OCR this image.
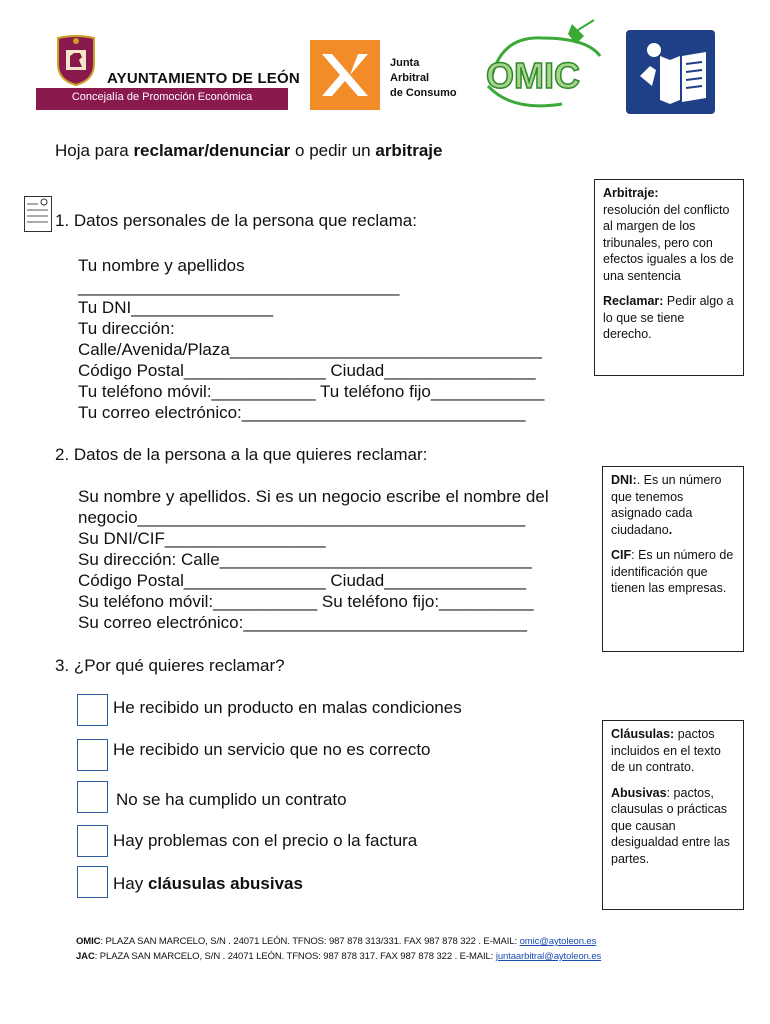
AYUNTAMIENTO DE LEÓN
Concejalía de Promoción Económica
Junta
Arbitral
de Consumo OMIC
Hoja para reclamar/denunciar o pedir un arbitraje
1. Datos personales de la persona que reclama:
Tu nombre y apellidos
__________________________________
Tu DNI_______________
Tu dirección:
Calle/Avenida/Plaza_________________________________
Código Postal_______________ Ciudad________________
Tu teléfono móvil:___________ Tu teléfono fijo____________
Tu correo electrónico:______________________________
2. Datos de la persona a la que quieres reclamar:
Su nombre y apellidos. Si es un negocio escribe el nombre del
negocio_________________________________________
Su DNI/CIF_________________
Su dirección: Calle_________________________________
Código Postal_______________ Ciudad_______________
Su teléfono móvil:___________ Su teléfono fijo:__________
Su correo electrónico:______________________________
3. ¿Por qué quieres reclamar?
He recibido un producto en malas condiciones
He recibido un servicio que no es correcto
No se ha cumplido un contrato
Hay problemas con el precio o la factura
Hay cláusulas abusivas

Arbitraje:
resolución del conflicto al margen de los tribunales, pero con efectos iguales a los de una sentencia

Reclamar: Pedir algo a lo que se tiene derecho.

DNI:. Es un número que tenemos asignado cada ciudadano.

CIF: Es un número de identificación que tienen las empresas.

Cláusulas: pactos incluidos en el texto de un contrato.

Abusivas: pactos, clausulas o prácticas que causan desigualdad entre las partes.

OMIC: PLAZA SAN MARCELO, S/N . 24071 LEÓN. TFNOS: 987 878 313/331. FAX 987 878 322 . E-MAIL: omic@aytoleon.es
JAC: PLAZA SAN MARCELO, S/N . 24071 LEÓN. TFNOS: 987 878 317. FAX 987 878 322 . E-MAIL: juntaarbitral@aytoleon.es
